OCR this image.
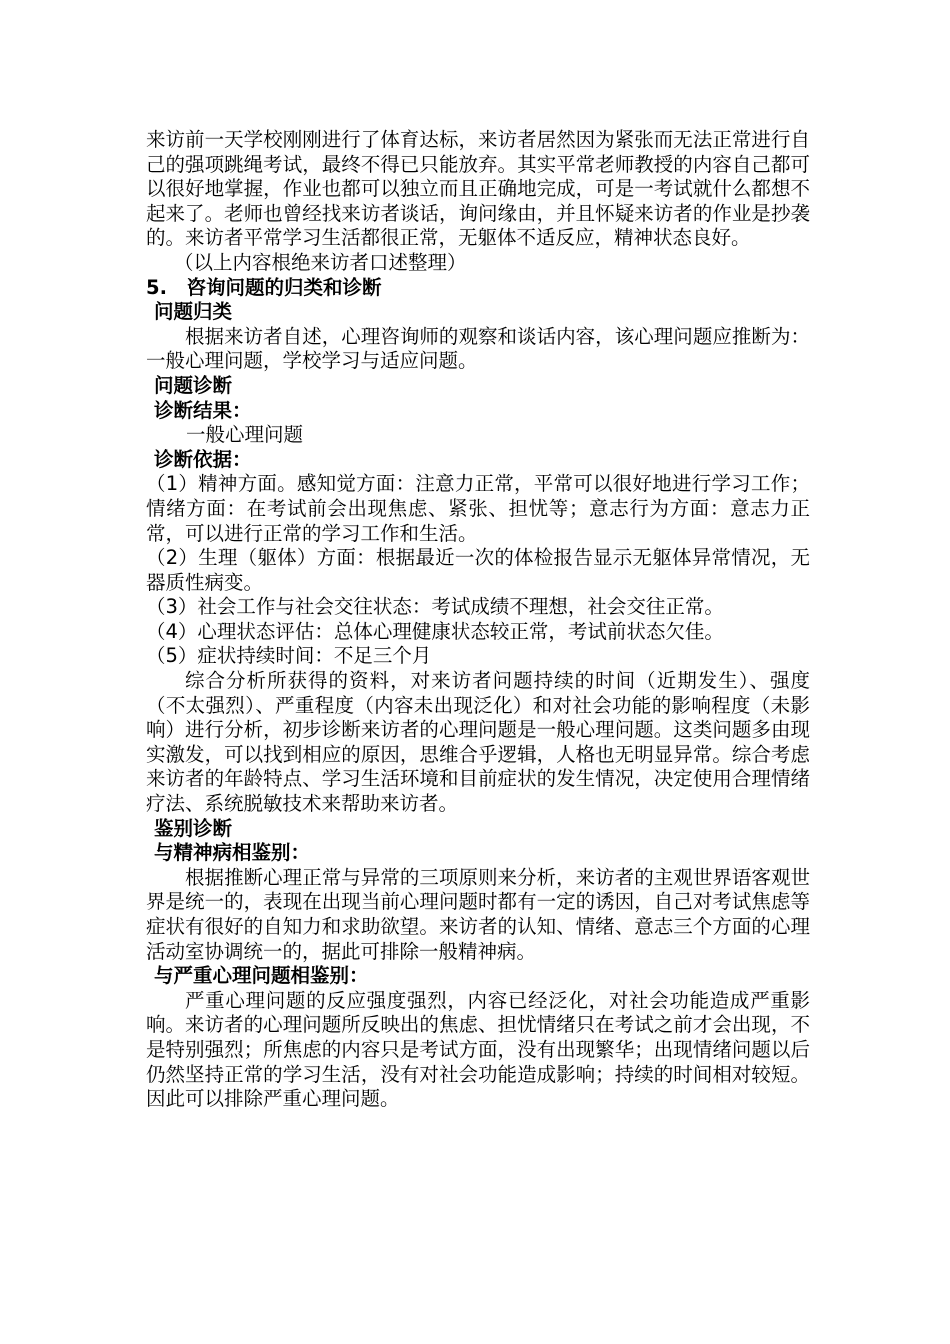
来访前一天学校刚刚进行了体育达标，来访者居然因为紧张而无法正常进行自己的强项跳绳考试，最终不得已只能放弃。其实平常老师教授的内容自己都可以很好地掌握，作业也都可以独立而且正确地完成，可是一考试就什么都想不起来了。老师也曾经找来访者谈话，询问缘由，并且怀疑来访者的作业是抄袭的。来访者平常学习生活都很正常，无躯体不适反应，精神状态良好。

（以上内容根绝来访者口述整理）

5.　咨询问题的归类和诊断

问题归类

根据来访者自述，心理咨询师的观察和谈话内容，该心理问题应推断为：一般心理问题，学校学习与适应问题。

问题诊断

诊断结果：

一般心理问题

诊断依据：

（1）精神方面。感知觉方面：注意力正常，平常可以很好地进行学习工作；情绪方面：在考试前会出现焦虑、紧张、担忧等；意志行为方面：意志力正常，可以进行正常的学习工作和生活。

（2）生理（躯体）方面：根据最近一次的体检报告显示无躯体异常情况，无器质性病变。

（3）社会工作与社会交往状态：考试成绩不理想，社会交往正常。

（4）心理状态评估：总体心理健康状态较正常，考试前状态欠佳。

（5）症状持续时间：不足三个月

综合分析所获得的资料，对来访者问题持续的时间（近期发生）、强度（不太强烈）、严重程度（内容未出现泛化）和对社会功能的影响程度（未影响）进行分析，初步诊断来访者的心理问题是一般心理问题。这类问题多由现实激发，可以找到相应的原因，思维合乎逻辑，人格也无明显异常。综合考虑来访者的年龄特点、学习生活环境和目前症状的发生情况，决定使用合理情绪疗法、系统脱敏技术来帮助来访者。

鉴别诊断

与精神病相鉴别：

根据推断心理正常与异常的三项原则来分析，来访者的主观世界语客观世界是统一的，表现在出现当前心理问题时都有一定的诱因，自己对考试焦虑等症状有很好的自知力和求助欲望。来访者的认知、情绪、意志三个方面的心理活动室协调统一的，据此可排除一般精神病。

与严重心理问题相鉴别：

严重心理问题的反应强度强烈，内容已经泛化，对社会功能造成严重影响。来访者的心理问题所反映出的焦虑、担忧情绪只在考试之前才会出现，不是特别强烈；所焦虑的内容只是考试方面，没有出现繁华；出现情绪问题以后仍然坚持正常的学习生活，没有对社会功能造成影响；持续的时间相对较短。因此可以排除严重心理问题。
